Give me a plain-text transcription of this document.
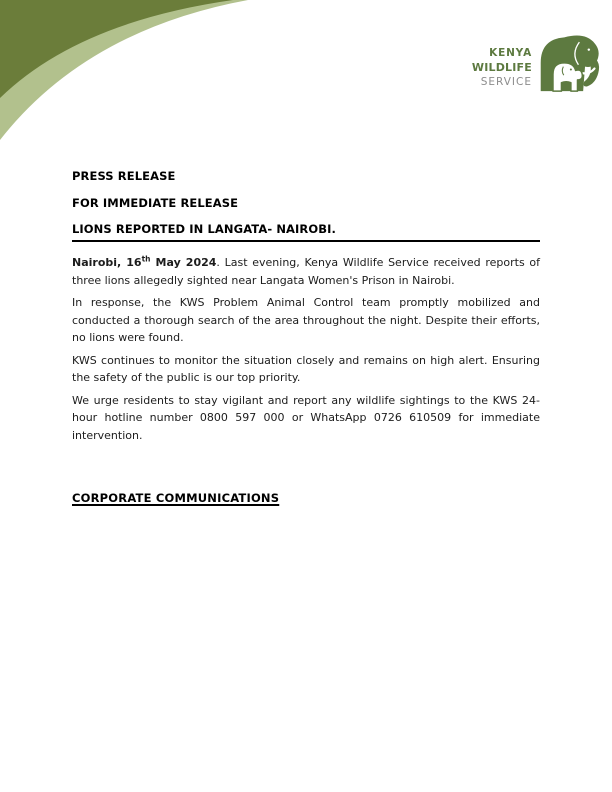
KENYA
WILDLIFE
SERVICE

PRESS RELEASE

FOR IMMEDIATE RELEASE

LIONS REPORTED IN LANGATA- NAIROBI.

Nairobi, 16th May 2024. Last evening, Kenya Wildlife Service received reports of three lions allegedly sighted near Langata Women's Prison in Nairobi.

In response, the KWS Problem Animal Control team promptly mobilized and conducted a thorough search of the area throughout the night. Despite their efforts, no lions were found.

KWS continues to monitor the situation closely and remains on high alert. Ensuring the safety of the public is our top priority.

We urge residents to stay vigilant and report any wildlife sightings to the KWS 24-hour hotline number 0800 597 000 or WhatsApp 0726 610509 for immediate intervention.

CORPORATE COMMUNICATIONS
